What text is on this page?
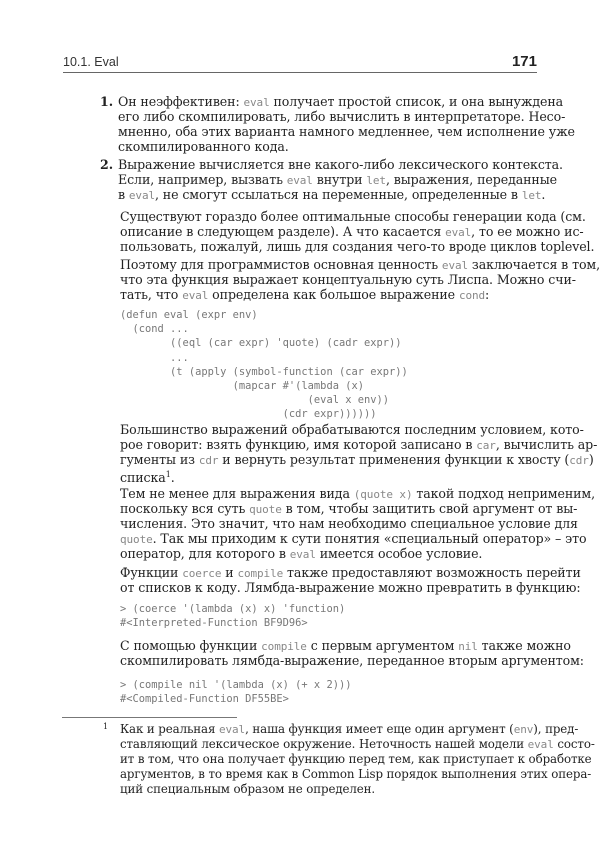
10.1. Eval	171
1. Он неэффективен: eval получает простой список, и она вынуждена
его либо скомпилировать, либо вычислить в интерпретаторе. Несо-
мненно, оба этих варианта намного медленнее, чем исполнение уже
скомпилированного кода.
2. Выражение вычисляется вне какого-либо лексического контекста.
Если, например, вызвать eval внутри let, выражения, переданные
в eval, не смогут ссылаться на переменные, определенные в let.
Существуют гораздо более оптимальные способы генерации кода (см.
описание в следующем разделе). А что касается eval, то ее можно ис-
пользовать, пожалуй, лишь для создания чего-то вроде циклов toplevel.
Поэтому для программистов основная ценность eval заключается в том,
что эта функция выражает концептуальную суть Лиспа. Можно счи-
тать, что eval определена как большое выражение cond:
(defun eval (expr env)
(cond ...
((eql (car expr) 'quote) (cadr expr))
...
(t (apply (symbol-function (car expr))
(mapcar #'(lambda (x)
(eval x env))
(cdr expr))))))
Большинство выражений обрабатываются последним условием, кото-
рое говорит: взять функцию, имя которой записано в car, вычислить ар-
гументы из cdr и вернуть результат применения функции к хвосту (cdr)
списка$^1$.
Тем не менее для выражения вида (quote x) такой подход неприменим,
поскольку вся суть quote в том, чтобы защитить свой аргумент от вы-
числения. Это значит, что нам необходимо специальное условие для
quote. Так мы приходим к сути понятия «специальный оператор» – это
оператор, для которого в eval имеется особое условие.
Функции coerce и compile также предоставляют возможность перейти
от списков к коду. Лямбда-выражение можно превратить в функцию:
> (coerce '(lambda (x) x) 'function)
#<Interpreted-Function BF9D96>
С помощью функции compile с первым аргументом nil также можно
скомпилировать лямбда-выражение, переданное вторым аргументом:
> (compile nil '(lambda (x) (+ x 2)))
#<Compiled-Function DF55BE>
1 Как и реальная eval, наша функция имеет еще один аргумент (env), пред-
ставляющий лексическое окружение. Неточность нашей модели eval состо-
ит в том, что она получает функцию перед тем, как приступает к обработке
аргументов, в то время как в Common Lisp порядок выполнения этих опера-
ций специальным образом не определен.
